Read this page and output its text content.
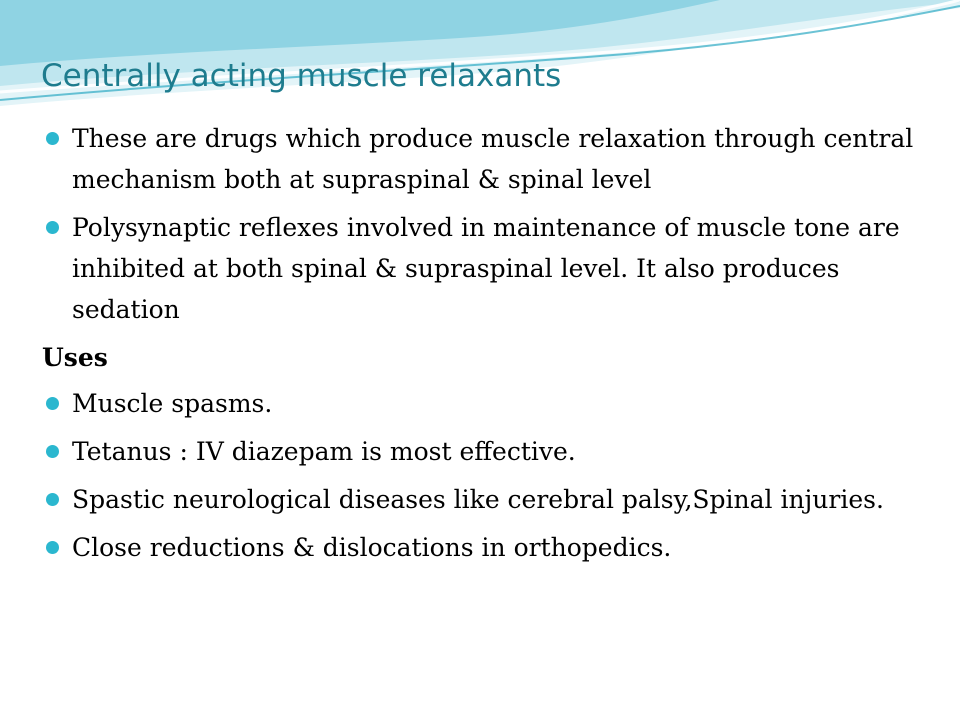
Centrally acting muscle relaxants
These are drugs which produce muscle relaxation through central mechanism both at supraspinal & spinal level
Polysynaptic reflexes involved in maintenance of muscle tone are inhibited at both spinal & supraspinal level. It also produces sedation
Uses
Muscle spasms.
Tetanus : IV diazepam is most effective.
Spastic neurological diseases like cerebral palsy,Spinal injuries.
Close reductions & dislocations in orthopedics.
